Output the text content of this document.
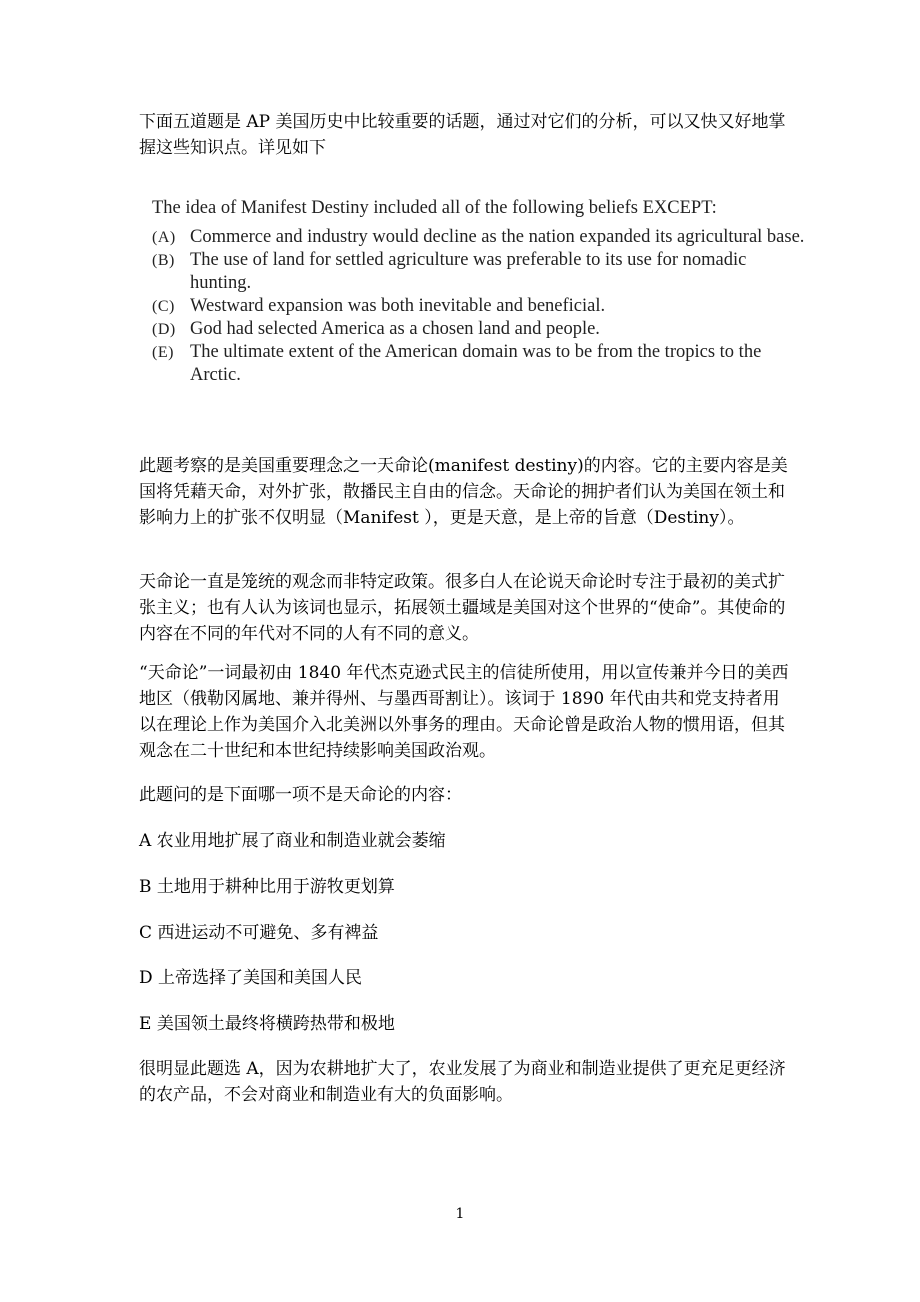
下面五道题是 AP 美国历史中比较重要的话题，通过对它们的分析，可以又快又好地掌握这些知识点。详见如下

The idea of Manifest Destiny included all of the following beliefs EXCEPT:

(A) Commerce and industry would decline as the nation expanded its agricultural base.
(B) The use of land for settled agriculture was preferable to its use for nomadic hunting.
(C) Westward expansion was both inevitable and beneficial.
(D) God had selected America as a chosen land and people.
(E) The ultimate extent of the American domain was to be from the tropics to the Arctic.

此题考察的是美国重要理念之一天命论(manifest destiny)的内容。它的主要内容是美国将凭藉天命，对外扩张，散播民主自由的信念。天命论的拥护者们认为美国在领土和影响力上的扩张不仅明显（Manifest ），更是天意，是上帝的旨意（Destiny）。

天命论一直是笼统的观念而非特定政策。很多白人在论说天命论时专注于最初的美式扩张主义；也有人认为该词也显示，拓展领土疆域是美国对这个世界的“使命”。其使命的内容在不同的年代对不同的人有不同的意义。

“天命论”一词最初由 1840 年代杰克逊式民主的信徒所使用，用以宣传兼并今日的美西地区（俄勒冈属地、兼并得州、与墨西哥割让）。该词于 1890 年代由共和党支持者用以在理论上作为美国介入北美洲以外事务的理由。天命论曾是政治人物的惯用语，但其观念在二十世纪和本世纪持续影响美国政治观。

此题问的是下面哪一项不是天命论的内容：

A 农业用地扩展了商业和制造业就会萎缩

B 土地用于耕种比用于游牧更划算

C 西进运动不可避免、多有裨益

D 上帝选择了美国和美国人民

E 美国领土最终将横跨热带和极地

很明显此题选 A，因为农耕地扩大了，农业发展了为商业和制造业提供了更充足更经济的农产品，不会对商业和制造业有大的负面影响。

1
